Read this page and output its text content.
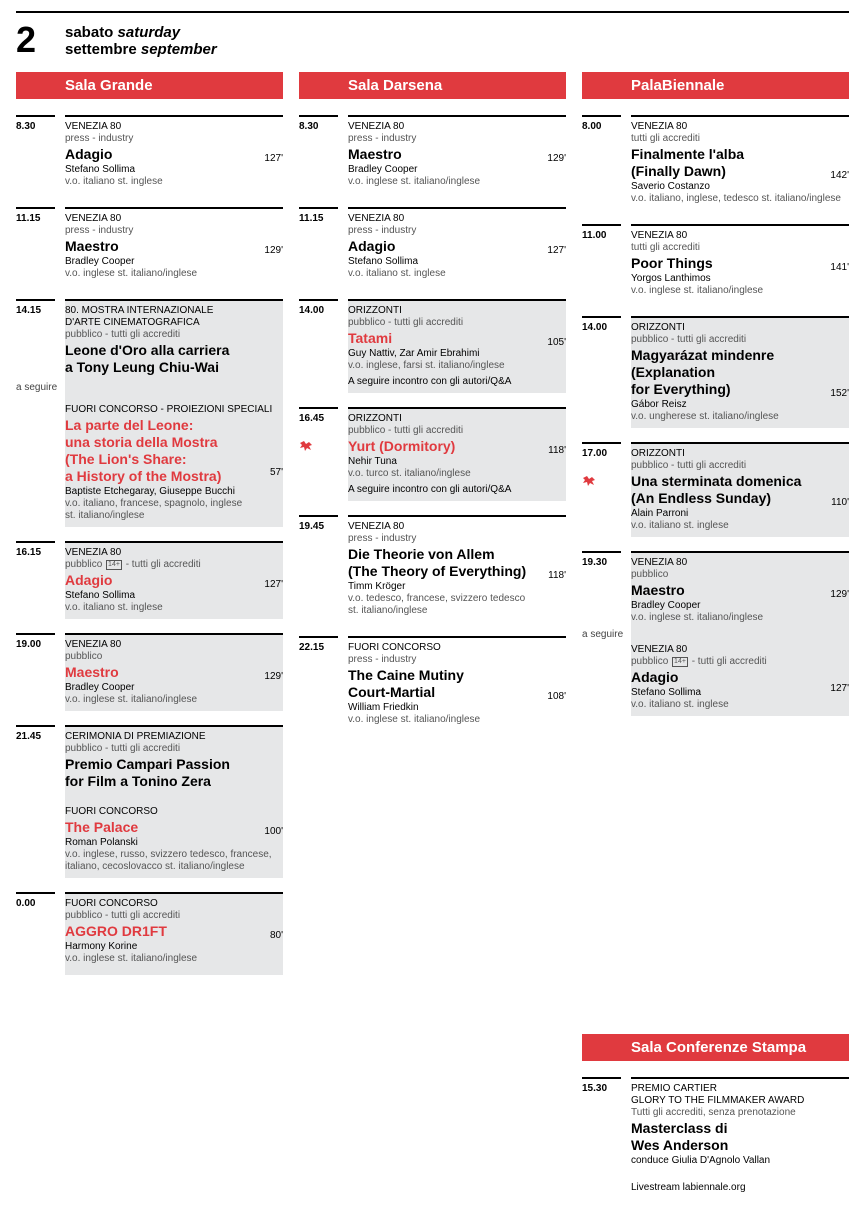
2 sabato saturday
settembre september
Sala Grande
8.30	VENEZIA 80
press - industry
Adagio	127'
Stefano Sollima
v.o. italiano st. inglese
11.15 VENEZIA 80
press - industry
Maestro	129'
Bradley Cooper
v.o. inglese st. italiano/inglese
14.15
a seguire
80. MOSTRA INTERNAZIONALE
D'ARTE CINEMATOGRAFICA
pubblico - tutti gli accrediti
Leone d'Oro alla carriera
a Tony Leung Chiu-Wai
FUORI CONCORSO - PROIEZIONI SPECIALI
La parte del Leone:
una storia della Mostra
(The Lion's Share:
a History of the Mostra)	57'
Baptiste Etchegaray, Giuseppe Bucchi
v.o. italiano, francese, spagnolo, inglese
st. italiano/inglese
16.15 VENEZIA 80
pubblico 14+ - tutti gli accrediti
Adagio	127'
Stefano Sollima
v.o. italiano st. inglese
19.00 VENEZIA 80
pubblico
Maestro	129'
Bradley Cooper
v.o. inglese st. italiano/inglese
21.45 CERIMONIA DI PREMIAZIONE
pubblico - tutti gli accrediti
Premio Campari Passion
for Film a Tonino Zera
FUORI CONCORSO
The Palace	100'
Roman Polanski
v.o. inglese, russo, svizzero tedesco, francese,
italiano, cecoslovacco st. italiano/inglese
0.00	FUORI CONCORSO
pubblico - tutti gli accrediti
AGGRO DR1FT	80'
Harmony Korine
v.o. inglese st. italiano/inglese
Sala Darsena
8.30	VENEZIA 80
press - industry
Maestro	129'
Bradley Cooper
v.o. inglese st. italiano/inglese
11.15 VENEZIA 80
press - industry
Adagio	127'
Stefano Sollima
v.o. italiano st. inglese
14.00 ORIZZONTI
pubblico - tutti gli accrediti
Tatami	105'
Guy Nattiv, Zar Amir Ebrahimi
v.o. inglese, farsi st. italiano/inglese
A seguire incontro con gli autori/Q&A
16.45 ORIZZONTI
pubblico - tutti gli accrediti
Yurt (Dormitory)	118'
Nehir Tuna
v.o. turco st. italiano/inglese
A seguire incontro con gli autori/Q&A
19.45 VENEZIA 80
press - industry
Die Theorie von Allem
(The Theory of Everything)	118'
Timm Kröger
v.o. tedesco, francese, svizzero tedesco
st. italiano/inglese
22.15 FUORI CONCORSO
press - industry
The Caine Mutiny
Court-Martial	108'
William Friedkin
v.o. inglese st. italiano/inglese
PalaBiennale
8.00	VENEZIA 80
tutti gli accrediti
Finalmente l'alba
(Finally Dawn)	142'
Saverio Costanzo
v.o. italiano, inglese, tedesco st. italiano/inglese
11.00 VENEZIA 80
tutti gli accrediti
Poor Things	141'
Yorgos Lanthimos
v.o. inglese st. italiano/inglese
14.00 ORIZZONTI
pubblico - tutti gli accrediti
Magyarázat mindenre
(Explanation
for Everything)	152'
Gábor Reisz
v.o. ungherese st. italiano/inglese
17.00 ORIZZONTI
pubblico - tutti gli accrediti
Una sterminata domenica
(An Endless Sunday)	110'
Alain Parroni
v.o. italiano st. inglese
19.30
a seguire
VENEZIA 80
pubblico
Maestro	129'
Bradley Cooper
v.o. inglese st. italiano/inglese
VENEZIA 80
pubblico 14+ - tutti gli accrediti
Adagio
127'
Stefano Sollima
v.o. italiano st. inglese
Sala Conferenze Stampa
15.30 PREMIO CARTIER
GLORY TO THE FILMMAKER AWARD
Tutti gli accrediti, senza prenotazione
Masterclass di
Wes Anderson
conduce Giulia D'Agnolo Vallan
Livestream labiennale.org
